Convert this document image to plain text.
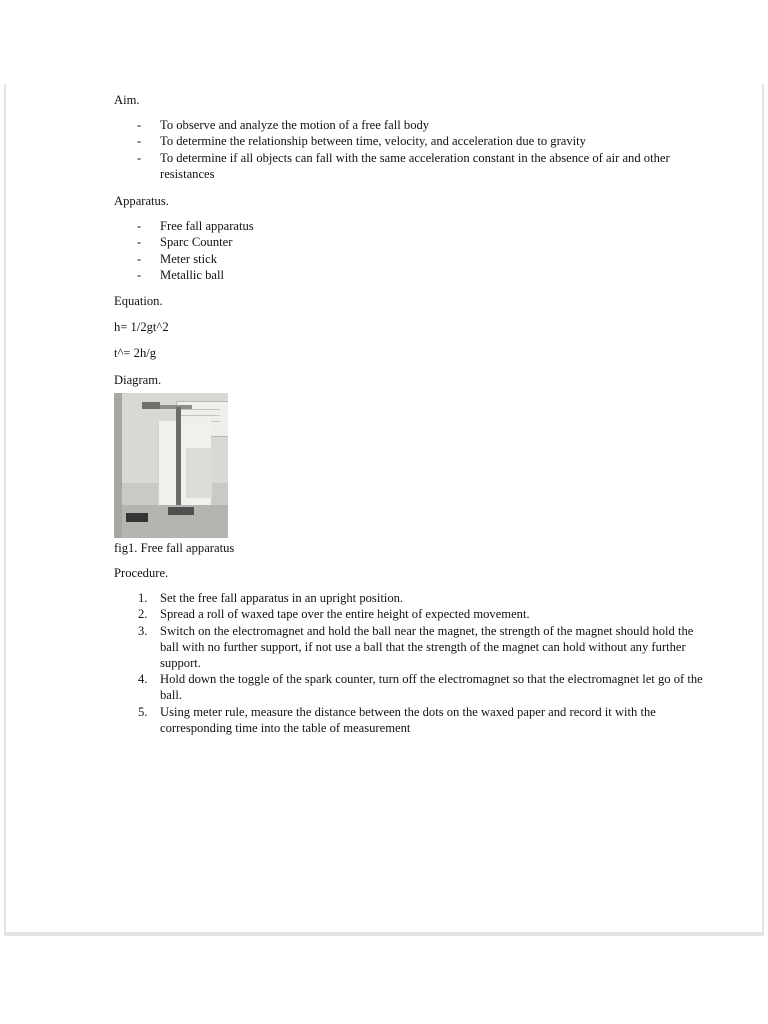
Aim.

- To observe and analyze the motion of a free fall body
- To determine the relationship between time, velocity, and acceleration due to gravity
- To determine if all objects can fall with the same acceleration constant in the absence of air and other resistances

Apparatus.

- Free fall apparatus
- Sparc Counter
- Meter stick
- Metallic ball

Equation.

h= 1/2gt^2

t^= 2h/g

Diagram.

fig1. Free fall apparatus

Procedure.

1. Set the free fall apparatus in an upright position.
2. Spread a roll of waxed tape over the entire height of expected movement.
3. Switch on the electromagnet and hold the ball near the magnet, the strength of the magnet should hold the ball with no further support, if not use a ball that the strength of the magnet can hold without any further support.
4. Hold down the toggle of the spark counter, turn off the electromagnet so that the electromagnet let go of the ball.
5. Using meter rule, measure the distance between the dots on the waxed paper and record it with the corresponding time into the table of measurement
